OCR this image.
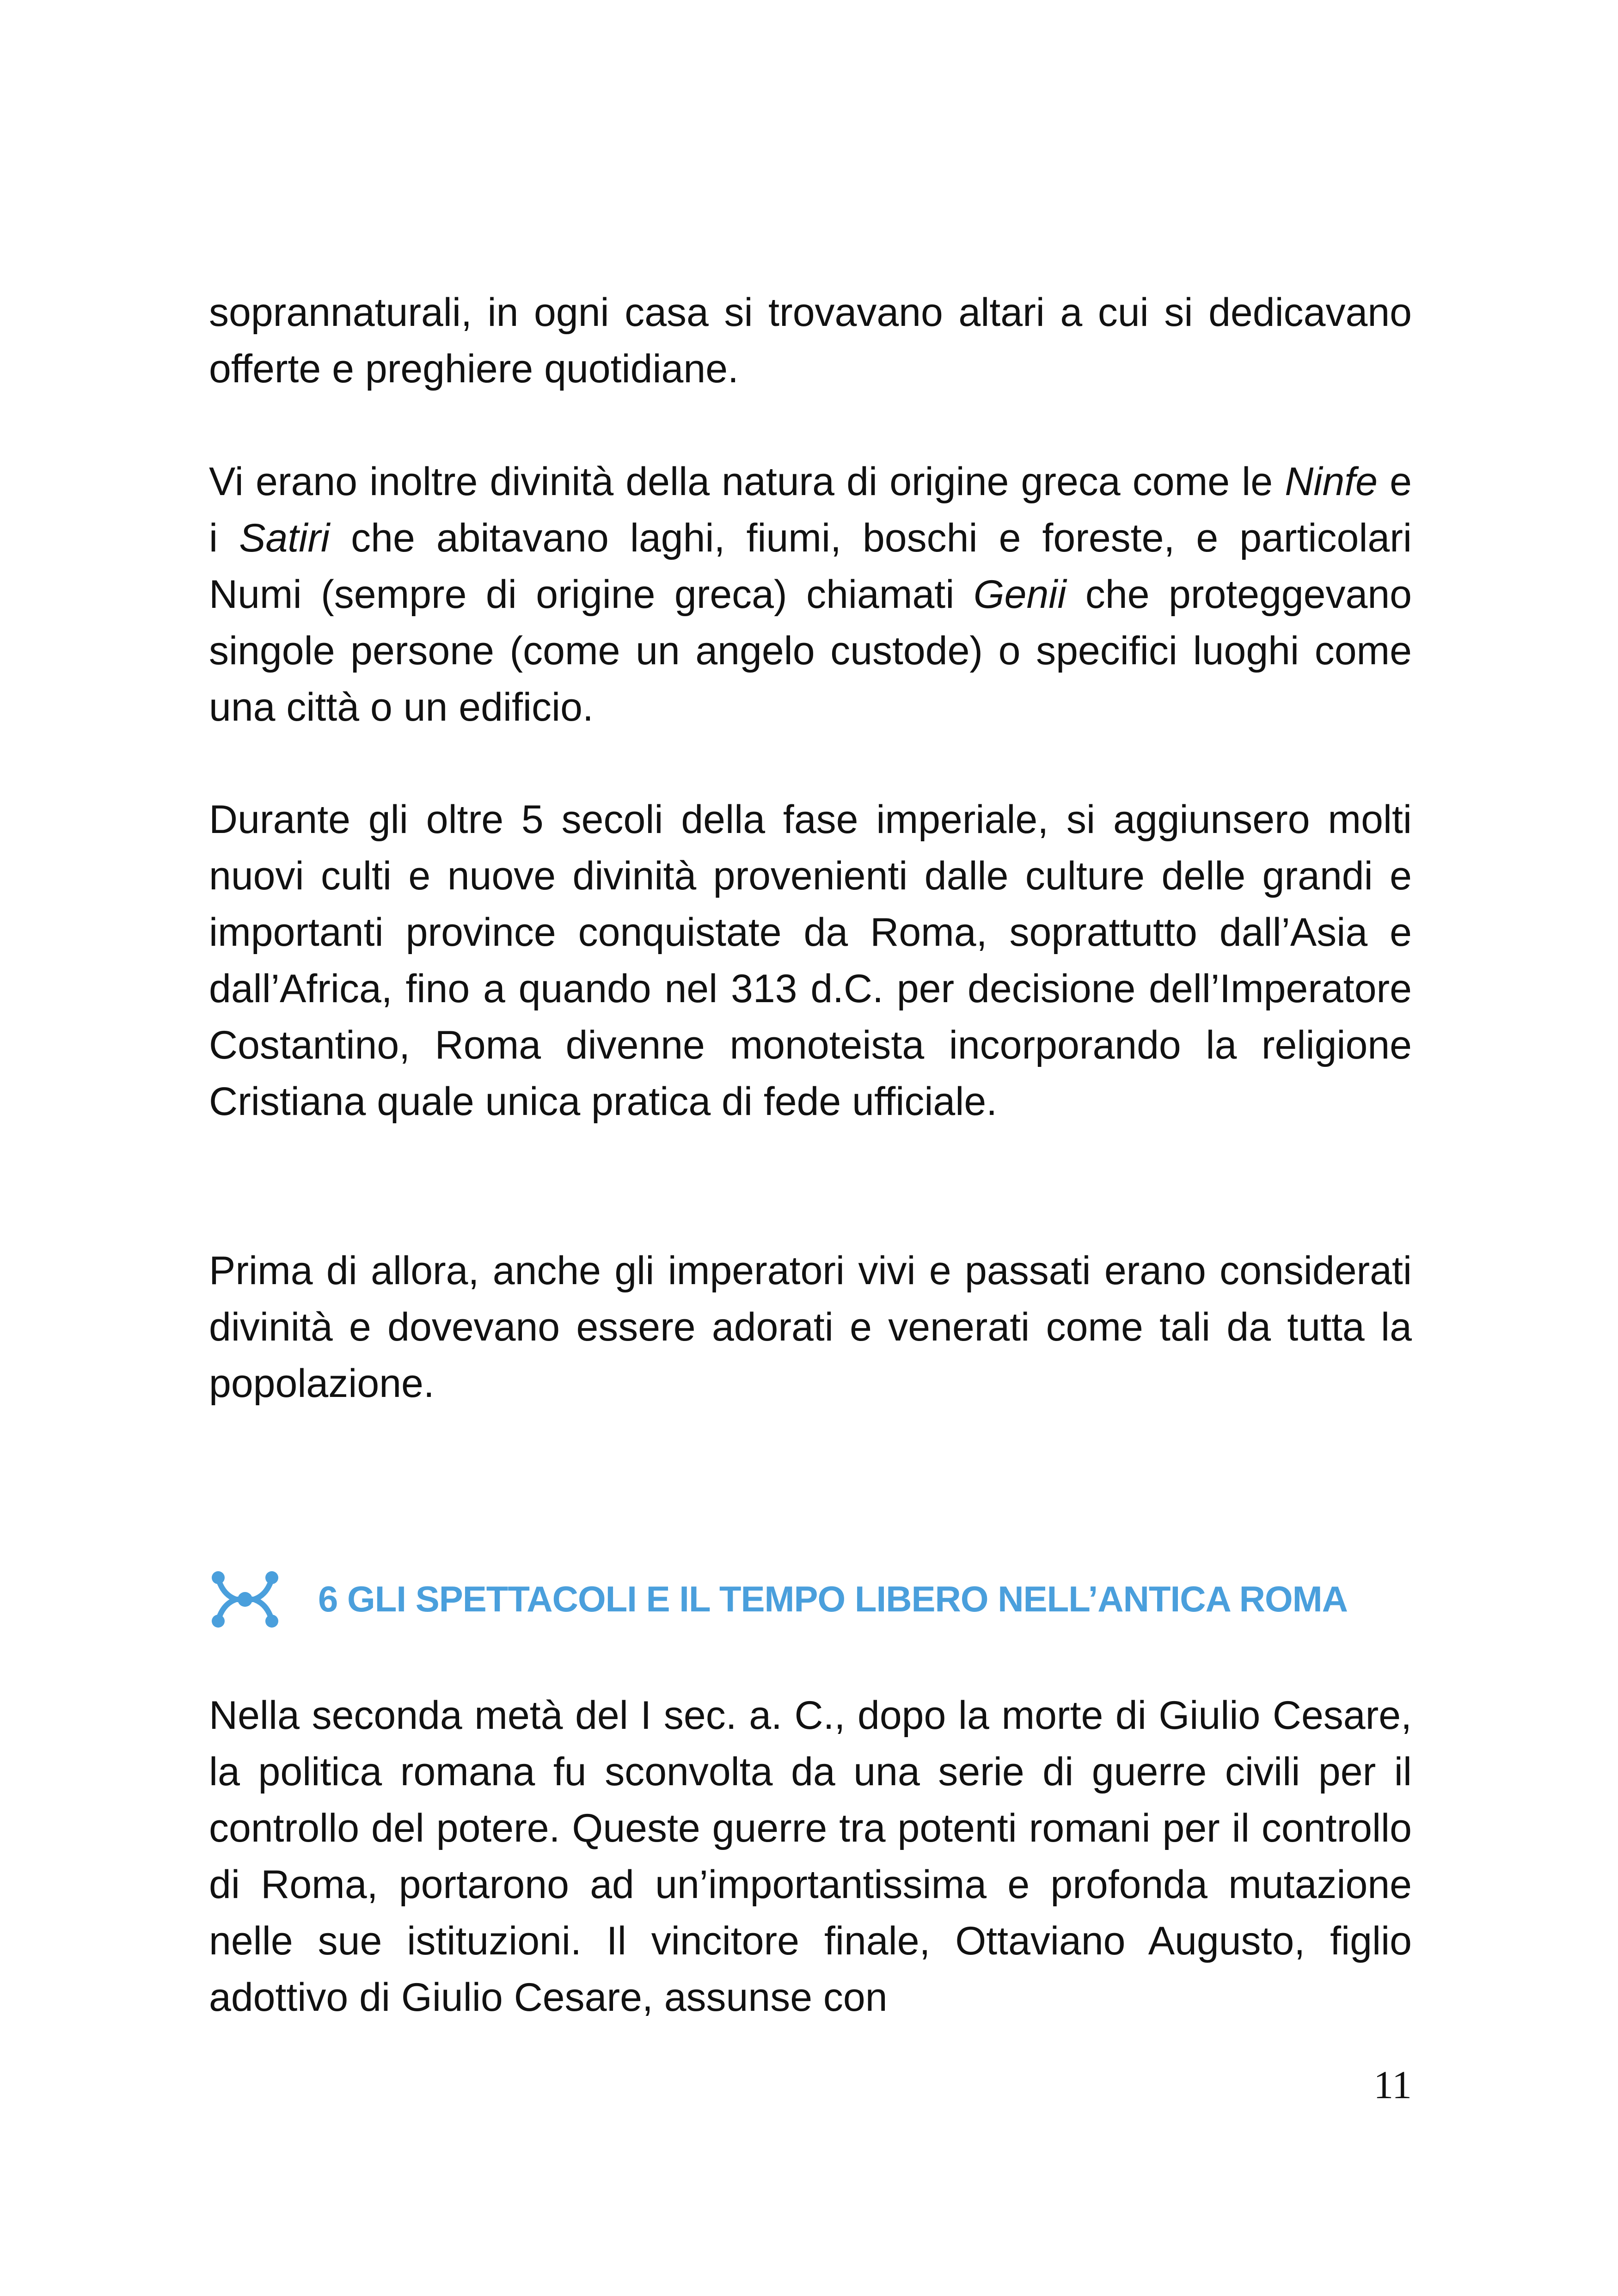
soprannaturali, in ogni casa si trovavano altari a cui si dedicavano offerte e preghiere quotidiane.

Vi erano inoltre divinità della natura di origine greca come le Ninfe e i Satiri che abitavano laghi, fiumi, boschi e foreste, e particolari Numi (sempre di origine greca) chiamati Genii che proteggevano singole persone (come un angelo custode) o specifici luoghi come una città o un edificio.

Durante gli oltre 5 secoli della fase imperiale, si aggiunsero molti nuovi culti e nuove divinità provenienti dalle culture delle grandi e importanti province conquistate da Roma, soprattutto dall’Asia e dall’Africa, fino a quando nel 313 d.C. per decisione dell’Imperatore Costantino, Roma divenne monoteista incorporando la religione Cristiana quale unica pratica di fede ufficiale.

Prima di allora, anche gli imperatori vivi e passati erano considerati divinità e dovevano essere adorati e venerati come tali da tutta la popolazione.

6 GLI SPETTACOLI E IL TEMPO LIBERO NELL’ANTICA ROMA

Nella seconda metà del I sec. a. C., dopo la morte di Giulio Cesare, la politica romana fu sconvolta da una serie di guerre civili per il controllo del potere. Queste guerre tra potenti romani per il controllo di Roma, portarono ad un’importantissima e profonda mutazione nelle sue istituzioni. Il vincitore finale, Ottaviano Augusto, figlio adottivo di Giulio Cesare, assunse con

11
